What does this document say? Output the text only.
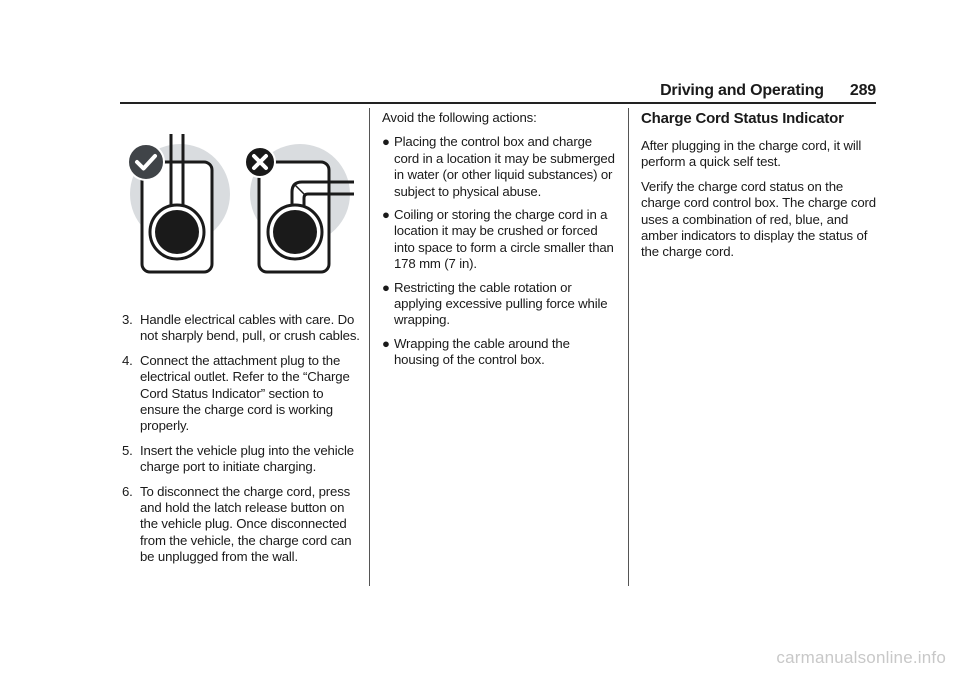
Driving and Operating 289
3. Handle electrical cables with care. Do not sharply bend, pull, or crush cables.
4. Connect the attachment plug to the electrical outlet. Refer to the “Charge Cord Status Indicator” section to ensure the charge cord is working properly.
5. Insert the vehicle plug into the vehicle charge port to initiate charging.
6. To disconnect the charge cord, press and hold the latch release button on the vehicle plug. Once disconnected from the vehicle, the charge cord can be unplugged from the wall.

Avoid the following actions:

● Placing the control box and charge cord in a location it may be submerged in water (or other liquid substances) or subject to physical abuse.
● Coiling or storing the charge cord in a location it may be crushed or forced into space to form a circle smaller than 178 mm (7 in).
● Restricting the cable rotation or applying excessive pulling force while wrapping.
● Wrapping the cable around the housing of the control box.
Charge Cord Status Indicator

After plugging in the charge cord, it will perform a quick self test.

Verify the charge cord status on the charge cord control box. The charge cord uses a combination of red, blue, and amber indicators to display the status of the charge cord.

carmanualsonline.info
